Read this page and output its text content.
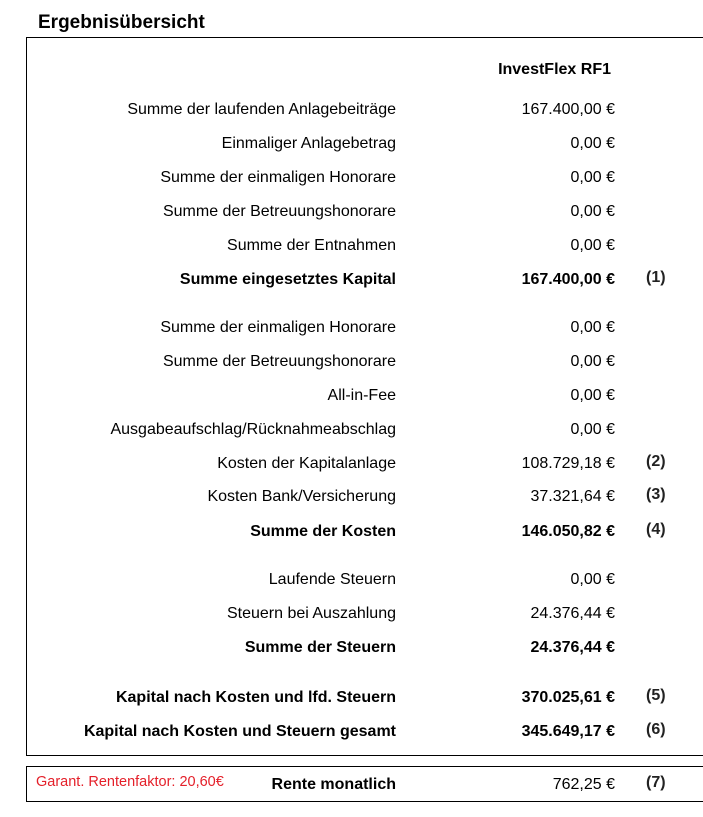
Ergebnisübersicht
InvestFlex RF1
Summe der laufenden Anlagebeiträge	167.400,00 €
Einmaliger Anlagebetrag	0,00 €
Summe der einmaligen Honorare	0,00 €
Summe der Betreuungshonorare	0,00 €
Summe der Entnahmen	0,00 €
Summe eingesetztes Kapital	167.400,00 € (1)
Summe der einmaligen Honorare	0,00 €
Summe der Betreuungshonorare	0,00 €
All-in-Fee	0,00 €
Ausgabeaufschlag/Rücknahmeabschlag	0,00 €
Kosten der Kapitalanlage	108.729,18 € (2)
Kosten Bank/Versicherung	37.321,64 € (3)
Summe der Kosten	146.050,82 € (4)
Laufende Steuern	0,00 €
Steuern bei Auszahlung	24.376,44 €
Summe der Steuern	24.376,44 €
Kapital nach Kosten und lfd. Steuern	370.025,61 € (5)
Kapital nach Kosten und Steuern gesamt	345.649,17 € (6)
Garant. Rentenfaktor: 20,60€	Rente monatlich	762,25 € (7)
